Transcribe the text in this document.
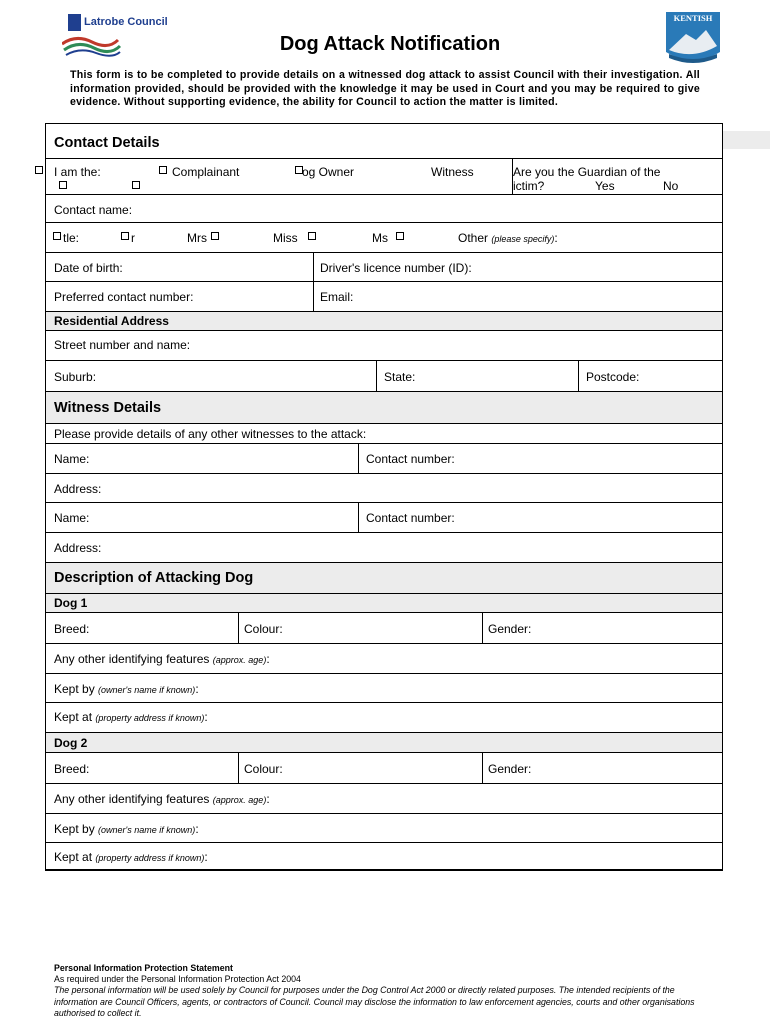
Latrobe Council	KENTISH
Dog Attack Notification
This form is to be completed to provide details on a witnessed dog attack to assist Council with their investigation. All information provided, should be provided with the knowledge it may be used in Court and you may be required to give evidence. Without supporting evidence, the ability for Council to action the matter is limited.
Contact Details
I am the:	Complainant	og Owner	Witness	Are you the Guardian of the
ictim?	Yes	No
Contact name:
tle:	r	Mrs	Miss	Ms	Other (please specify):
Date of birth:	Driver's licence number (ID):
Preferred contact number:	Email:
Residential Address
Street number and name:
Suburb:	State:	Postcode:
Witness Details
Please provide details of any other witnesses to the attack:
Name:	Contact number:
Address:
Name:	Contact number:
Address:
Description of Attacking Dog
Dog 1
Breed:	Colour:	Gender:
Any other identifying features (approx. age):
Kept by (owner's name if known):
Kept at (property address if known):
Dog 2
Breed:	Colour:	Gender:
Any other identifying features (approx. age):
Kept by (owner's name if known):
Kept at (property address if known):
Personal Information Protection Statement
As required under the Personal Information Protection Act 2004
The personal information will be used solely by Council for purposes under the Dog Control Act 2000 or directly related purposes. The intended recipients of the information are Council Officers, agents, or contractors of Council. Council may disclose the information to law enforcement agencies, courts and other organisations authorised to collect it.
